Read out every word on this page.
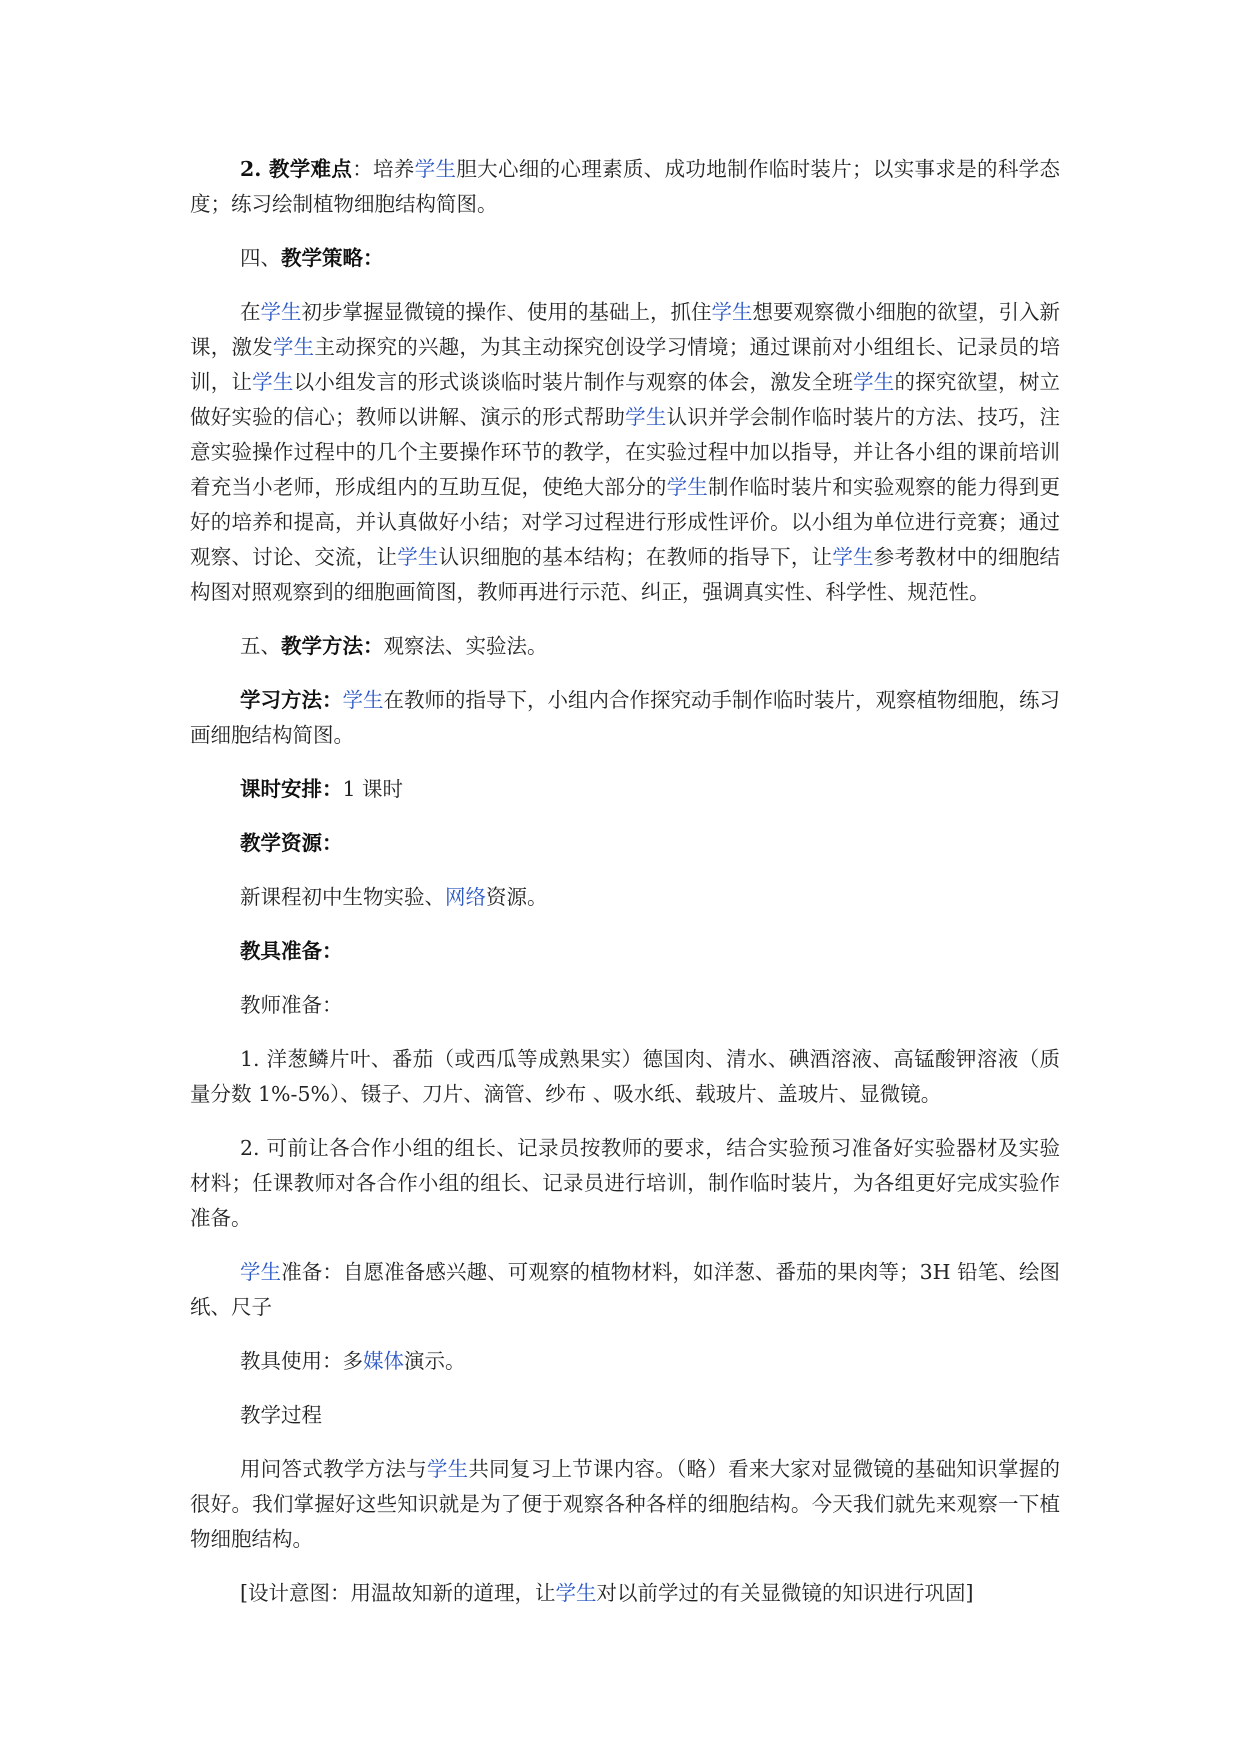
2. 教学难点：培养学生胆大心细的心理素质、成功地制作临时装片；以实事求是的科学态度；练习绘制植物细胞结构简图。

四、教学策略：

在学生初步掌握显微镜的操作、使用的基础上，抓住学生想要观察微小细胞的欲望，引入新课，激发学生主动探究的兴趣，为其主动探究创设学习情境；通过课前对小组组长、记录员的培训，让学生以小组发言的形式谈谈临时装片制作与观察的体会，激发全班学生的探究欲望，树立做好实验的信心；教师以讲解、演示的形式帮助学生认识并学会制作临时装片的方法、技巧，注意实验操作过程中的几个主要操作环节的教学，在实验过程中加以指导，并让各小组的课前培训着充当小老师，形成组内的互助互促，使绝大部分的学生制作临时装片和实验观察的能力得到更好的培养和提高，并认真做好小结；对学习过程进行形成性评价。以小组为单位进行竞赛；通过观察、讨论、交流，让学生认识细胞的基本结构；在教师的指导下，让学生参考教材中的细胞结构图对照观察到的细胞画简图，教师再进行示范、纠正，强调真实性、科学性、规范性。

五、教学方法：观察法、实验法。

学习方法：学生在教师的指导下，小组内合作探究动手制作临时装片，观察植物细胞，练习画细胞结构简图。

课时安排：1 课时

教学资源：

新课程初中生物实验、网络资源。

教具准备：

教师准备：

1. 洋葱鳞片叶、番茄（或西瓜等成熟果实）德国肉、清水、碘酒溶液、高锰酸钾溶液（质量分数 1%-5%）、镊子、刀片、滴管、纱布 、吸水纸、载玻片、盖玻片、显微镜。

2. 可前让各合作小组的组长、记录员按教师的要求，结合实验预习准备好实验器材及实验材料；任课教师对各合作小组的组长、记录员进行培训，制作临时装片，为各组更好完成实验作准备。

学生准备：自愿准备感兴趣、可观察的植物材料，如洋葱、番茄的果肉等；3H 铅笔、绘图纸、尺子

教具使用：多媒体演示。

教学过程

用问答式教学方法与学生共同复习上节课内容。（略）看来大家对显微镜的基础知识掌握的很好。我们掌握好这些知识就是为了便于观察各种各样的细胞结构。今天我们就先来观察一下植物细胞结构。

[设计意图：用温故知新的道理，让学生对以前学过的有关显微镜的知识进行巩固]
